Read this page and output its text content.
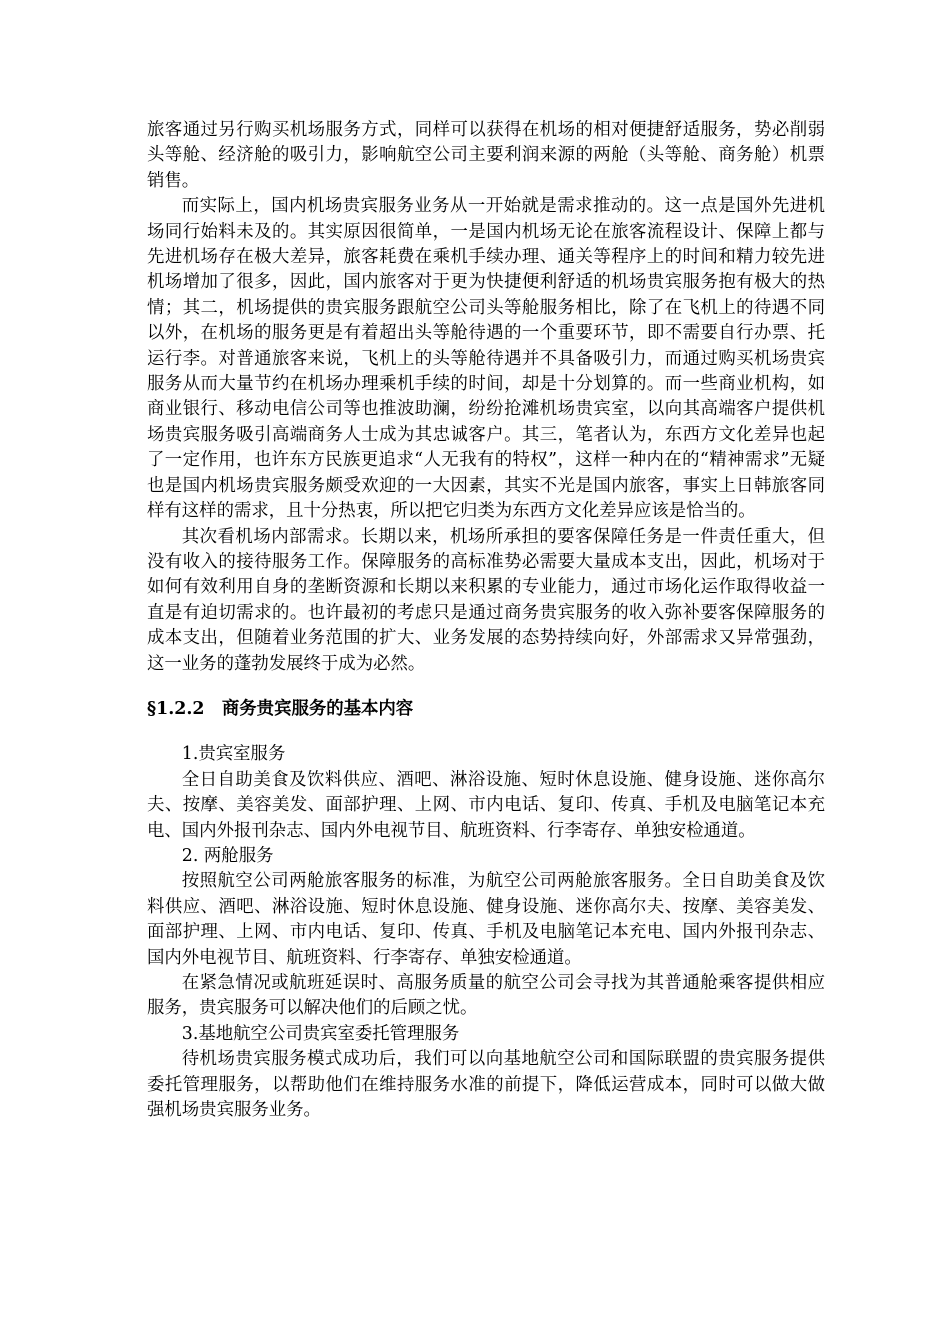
旅客通过另行购买机场服务方式，同样可以获得在机场的相对便捷舒适服务，势必削弱头等舱、经济舱的吸引力，影响航空公司主要利润来源的两舱（头等舱、商务舱）机票销售。

而实际上，国内机场贵宾服务业务从一开始就是需求推动的。这一点是国外先进机场同行始料未及的。其实原因很简单，一是国内机场无论在旅客流程设计、保障上都与先进机场存在极大差异，旅客耗费在乘机手续办理、通关等程序上的时间和精力较先进机场增加了很多，因此，国内旅客对于更为快捷便利舒适的机场贵宾服务抱有极大的热情；其二，机场提供的贵宾服务跟航空公司头等舱服务相比，除了在飞机上的待遇不同以外，在机场的服务更是有着超出头等舱待遇的一个重要环节，即不需要自行办票、托运行李。对普通旅客来说，飞机上的头等舱待遇并不具备吸引力，而通过购买机场贵宾服务从而大量节约在机场办理乘机手续的时间，却是十分划算的。而一些商业机构，如商业银行、移动电信公司等也推波助澜，纷纷抢滩机场贵宾室，以向其高端客户提供机场贵宾服务吸引高端商务人士成为其忠诚客户。其三，笔者认为，东西方文化差异也起了一定作用，也许东方民族更追求“人无我有的特权”，这样一种内在的“精神需求”无疑也是国内机场贵宾服务颇受欢迎的一大因素，其实不光是国内旅客，事实上日韩旅客同样有这样的需求，且十分热衷，所以把它归类为东西方文化差异应该是恰当的。

其次看机场内部需求。长期以来，机场所承担的要客保障任务是一件责任重大，但没有收入的接待服务工作。保障服务的高标准势必需要大量成本支出，因此，机场对于如何有效利用自身的垄断资源和长期以来积累的专业能力，通过市场化运作取得收益一直是有迫切需求的。也许最初的考虑只是通过商务贵宾服务的收入弥补要客保障服务的成本支出，但随着业务范围的扩大、业务发展的态势持续向好，外部需求又异常强劲，这一业务的蓬勃发展终于成为必然。

§1.2.2　商务贵宾服务的基本内容

1.贵宾室服务

全日自助美食及饮料供应、酒吧、淋浴设施、短时休息设施、健身设施、迷你高尔夫、按摩、美容美发、面部护理、上网、市内电话、复印、传真、手机及电脑笔记本充电、国内外报刊杂志、国内外电视节目、航班资料、行李寄存、单独安检通道。

2. 两舱服务

按照航空公司两舱旅客服务的标准，为航空公司两舱旅客服务。全日自助美食及饮料供应、酒吧、淋浴设施、短时休息设施、健身设施、迷你高尔夫、按摩、美容美发、面部护理、上网、市内电话、复印、传真、手机及电脑笔记本充电、国内外报刊杂志、国内外电视节目、航班资料、行李寄存、单独安检通道。

在紧急情况或航班延误时、高服务质量的航空公司会寻找为其普通舱乘客提供相应服务，贵宾服务可以解决他们的后顾之忧。

3.基地航空公司贵宾室委托管理服务

待机场贵宾服务模式成功后，我们可以向基地航空公司和国际联盟的贵宾服务提供委托管理服务，以帮助他们在维持服务水准的前提下，降低运营成本，同时可以做大做强机场贵宾服务业务。
